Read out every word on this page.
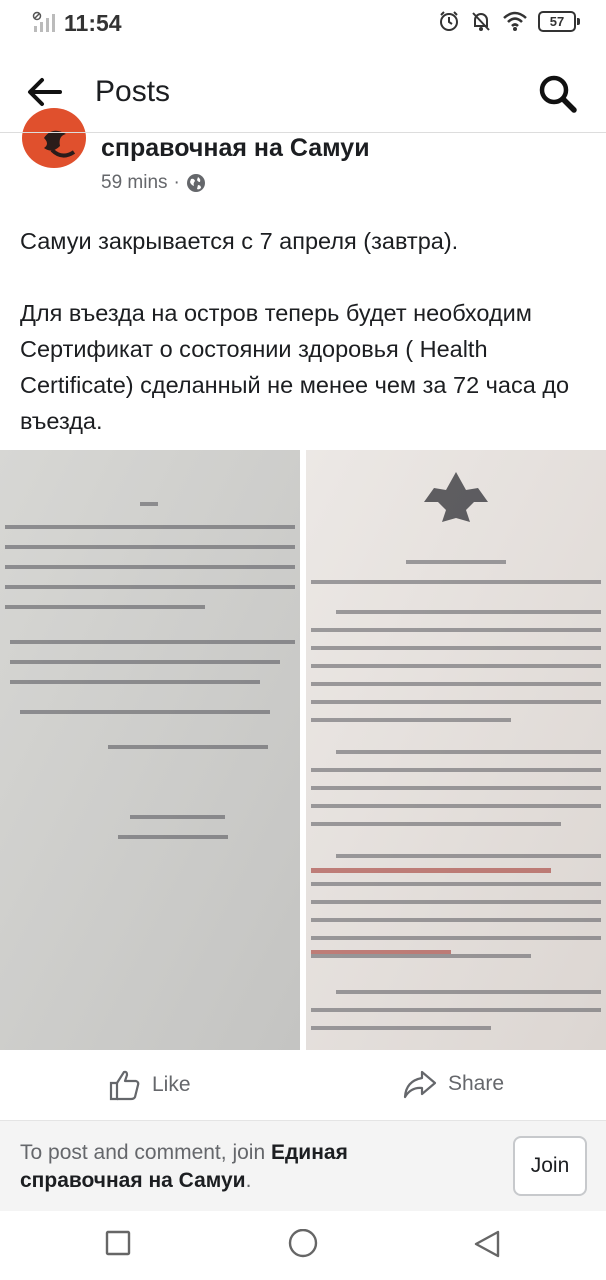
11:54	57
Posts
справочная на Самуи
59 mins ·

Самуи закрывается с 7 апреля (завтра).

Для въезда на остров теперь будет необходим Сертификат о состоянии здоровья ( Health Certificate) сделанный не менее чем за 72 часа до въезда.

Like	Share
To post and comment, join Единая справочная на Самуи.
Join
